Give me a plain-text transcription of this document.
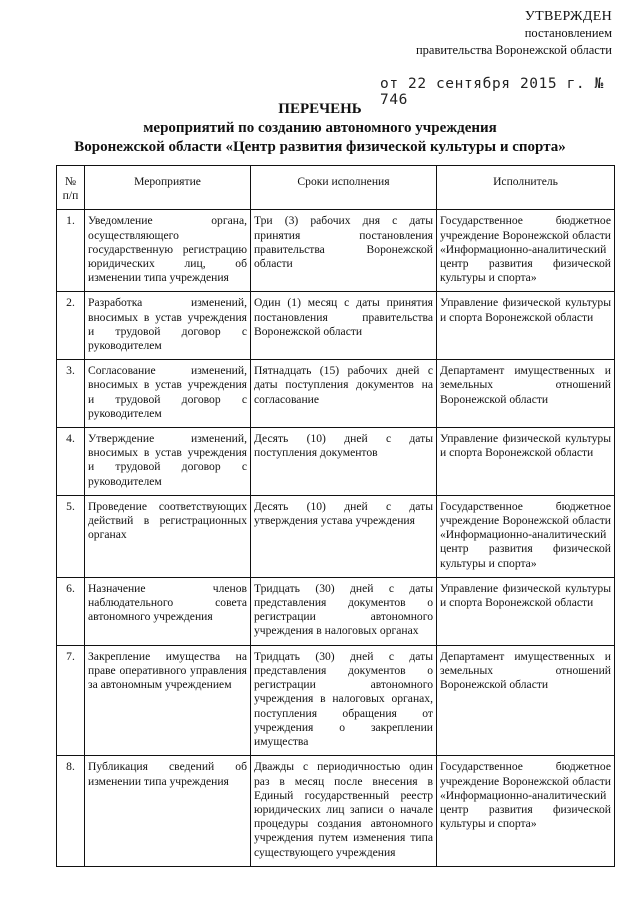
УТВЕРЖДЕН
постановлением
правительства Воронежской области
от 22 сентября 2015 г. № 746
ПЕРЕЧЕНЬ
мероприятий по созданию автономного учреждения
Воронежской области «Центр развития физической культуры и спорта»
№ п/п	Мероприятие	Сроки исполнения	Исполнитель
1.	Уведомление органа, осуществляющего государственную регистрацию юридических лиц, об изменении типа учреждения	Три (3) рабочих дня с даты принятия постановления правительства Воронежской области	Государственное бюджетное учреждение Воронежской области «Информационно-аналитический центр развития физической культуры и спорта»
2.	Разработка изменений, вносимых в устав учреждения и трудовой договор с руководителем	Один (1) месяц с даты принятия постановления правительства Воронежской области	Управление физической культуры и спорта Воронежской области
3.	Согласование изменений, вносимых в устав учреждения и трудовой договор с руководителем	Пятнадцать (15) рабочих дней с даты поступления документов на согласование	Департамент имущественных и земельных отношений Воронежской области
4.	Утверждение изменений, вносимых в устав учреждения и трудовой договор с руководителем	Десять (10) дней с даты поступления документов	Управление физической культуры и спорта Воронежской области
5.	Проведение соответствующих действий в регистрационных органах	Десять (10) дней с даты утверждения устава учреждения	Государственное бюджетное учреждение Воронежской области «Информационно-аналитический центр развития физической культуры и спорта»
6.	Назначение членов наблюдательного совета автономного учреждения	Тридцать (30) дней с даты представления документов о регистрации автономного учреждения в налоговых органах	Управление физической культуры и спорта Воронежской области
7.	Закрепление имущества на праве оперативного управления за автономным учреждением	Тридцать (30) дней с даты представления документов о регистрации автономного учреждения в налоговых органах, поступления обращения от учреждения о закреплении имущества	Департамент имущественных и земельных отношений Воронежской области
8.	Публикация сведений об изменении типа учреждения	Дважды с периодичностью один раз в месяц после внесения в Единый государственный реестр юридических лиц записи о начале процедуры создания автономного учреждения путем изменения типа существующего учреждения	Государственное бюджетное учреждение Воронежской области «Информационно-аналитический центр развития физической культуры и спорта»
